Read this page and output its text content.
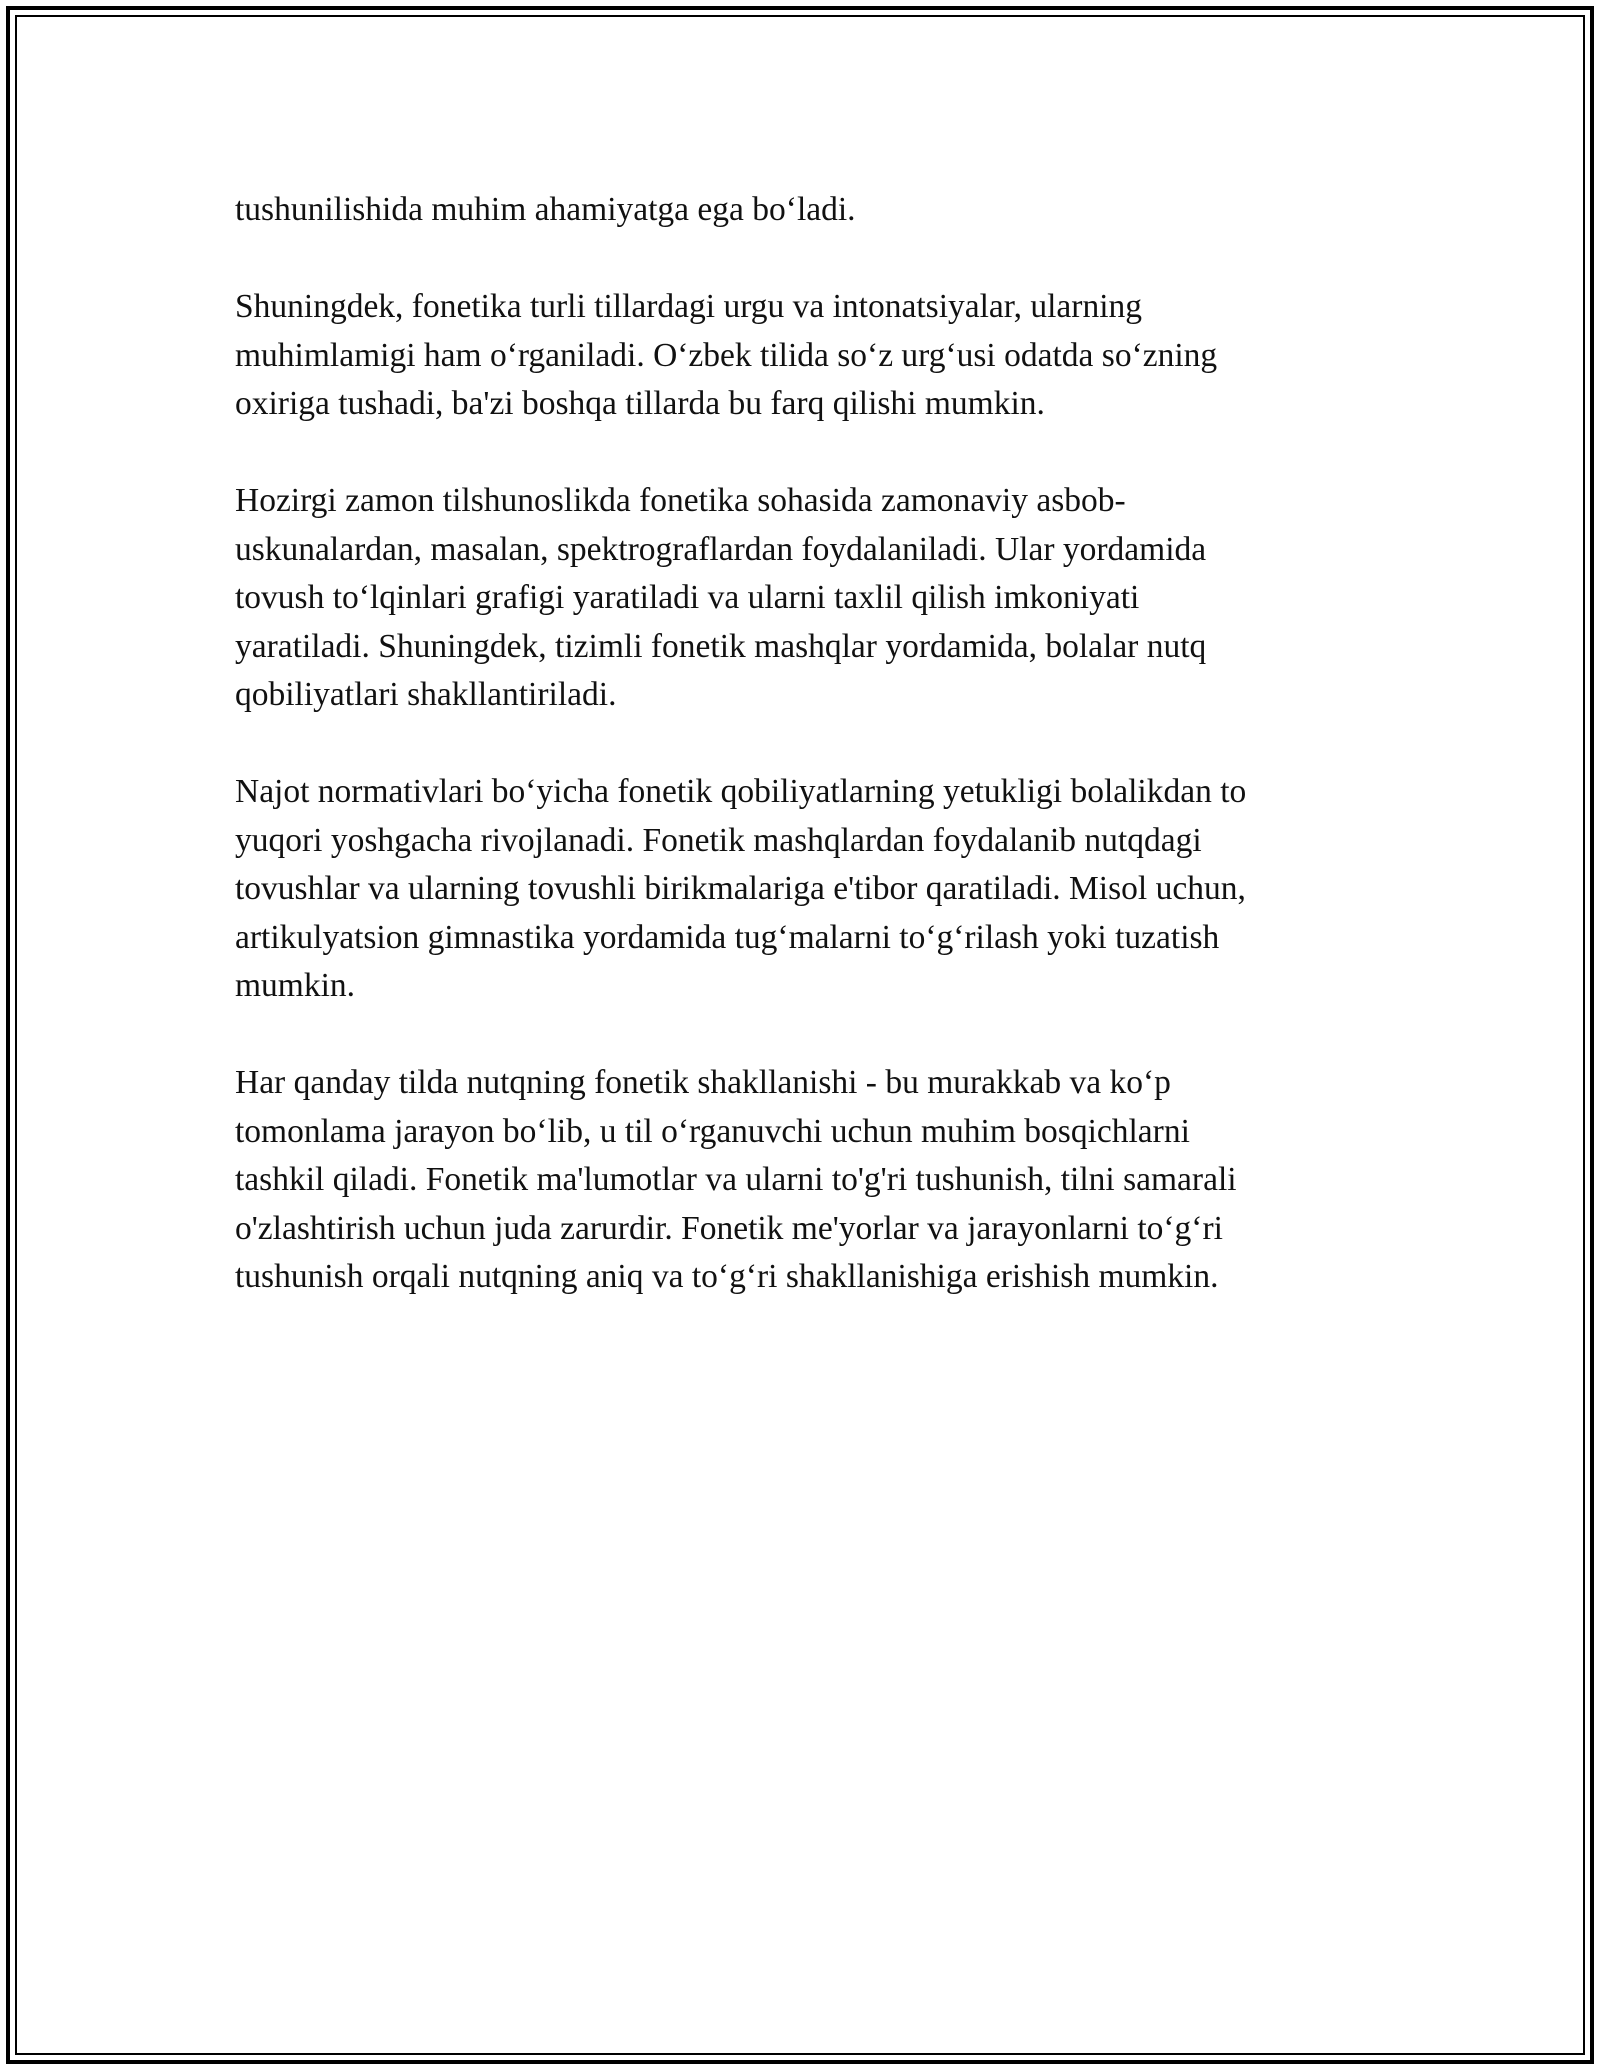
tushunilishida muhim ahamiyatga ega bo‘ladi.

Shuningdek, fonetika turli tillardagi urgu va intonatsiyalar, ularning
muhimlamigi ham o‘rganiladi. O‘zbek tilida so‘z urg‘usi odatda so‘zning
oxiriga tushadi, ba'zi boshqa tillarda bu farq qilishi mumkin.

Hozirgi zamon tilshunoslikda fonetika sohasida zamonaviy asbob-
uskunalardan, masalan, spektrograflardan foydalaniladi. Ular yordamida
tovush to‘lqinlari grafigi yaratiladi va ularni taxlil qilish imkoniyati
yaratiladi. Shuningdek, tizimli fonetik mashqlar yordamida, bolalar nutq
qobiliyatlari shakllantiriladi.

Najot normativlari bo‘yicha fonetik qobiliyatlarning yetukligi bolalikdan to
yuqori yoshgacha rivojlanadi. Fonetik mashqlardan foydalanib nutqdagi
tovushlar va ularning tovushli birikmalariga e'tibor qaratiladi. Misol uchun,
artikulyatsion gimnastika yordamida tug‘malarni to‘g‘rilash yoki tuzatish
mumkin.

Har qanday tilda nutqning fonetik shakllanishi - bu murakkab va ko‘p
tomonlama jarayon bo‘lib, u til o‘rganuvchi uchun muhim bosqichlarni
tashkil qiladi. Fonetik ma'lumotlar va ularni to'g'ri tushunish, tilni samarali
o'zlashtirish uchun juda zarurdir. Fonetik me'yorlar va jarayonlarni to‘g‘ri
tushunish orqali nutqning aniq va to‘g‘ri shakllanishiga erishish mumkin.
